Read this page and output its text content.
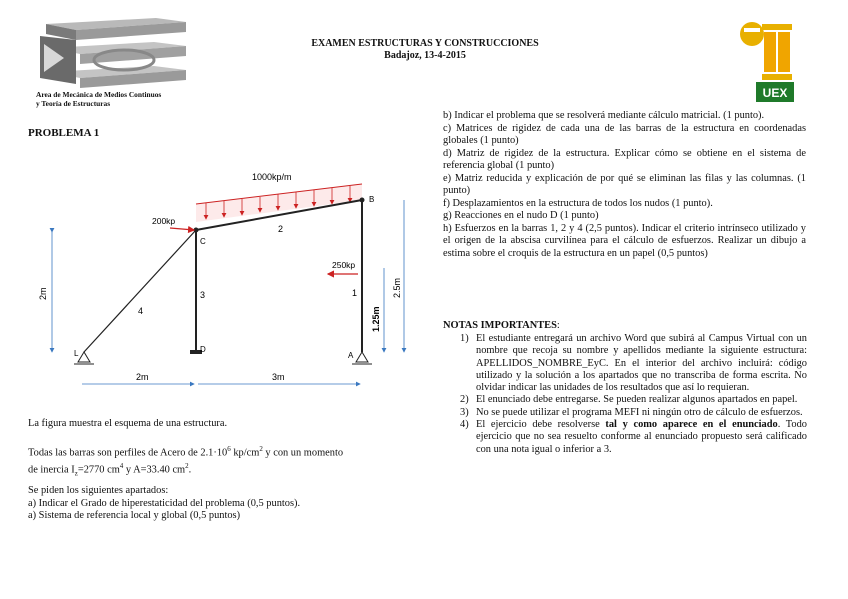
Area de Mecánica de Medios Continuos
y Teoría de Estructuras
EXAMEN ESTRUCTURAS Y CONSTRUCCIONES
Badajoz, 13-4-2015
UEX
PROBLEMA 1
1000kp/m
200kp
250kp
B
C
D
A
L
1
2
3
4
2m
2m	3m
1.25m
2.5m
La figura muestra el esquema de una estructura.
Todas las barras son perfiles de Acero de $2.1\cdot 10^6$ $kp/cm^2$ y con un momento
de inercia $I_z=2770$ $cm^4$ y A=33.40 $cm^2$.
Se piden los siguientes apartados:
a) Indicar el Grado de hiperestaticidad del problema (0,5 puntos).
a) Sistema de referencia local y global (0,5 puntos)

b) Indicar el problema que se resolverá mediante cálculo matricial. (1 punto).

c) Matrices de rigidez de cada una de las barras de la estructura en coordenadas globales (1 punto)

d) Matriz de rigidez de la estructura. Explicar cómo se obtiene en el sistema de referencia global (1 punto)

e) Matriz reducida y explicación de por qué se eliminan las filas y las columnas. (1 punto)

f) Desplazamientos en la estructura de todos los nudos (1 punto).

g) Reacciones en el nudo D (1 punto)

h) Esfuerzos en la barras 1, 2 y 4 (2,5 puntos). Indicar el criterio intrínseco utilizado y el origen de la abscisa curvilínea para el cálculo de esfuerzos. Realizar un dibujo a estima sobre el croquis de la estructura en un papel (0,5 puntos)

NOTAS IMPORTANTES:
1) El estudiante entregará un archivo Word que subirá al Campus Virtual con un nombre que recoja su nombre y apellidos mediante la siguiente estructura: APELLIDOS_NOMBRE_EyC. En el interior del archivo incluirá: código utilizado y la solución a los apartados que no transcriba de forma escrita. No olvidar indicar las unidades de los resultados que así lo requieran.
2) El enunciado debe entregarse. Se pueden realizar algunos apartados en papel.
3) No se puede utilizar el programa MEFI ni ningún otro de cálculo de esfuerzos.
4) El ejercicio debe resolverse tal y como aparece en el enunciado. Todo ejercicio que no sea resuelto conforme al enunciado propuesto será calificado con una nota igual o inferior a 3.
